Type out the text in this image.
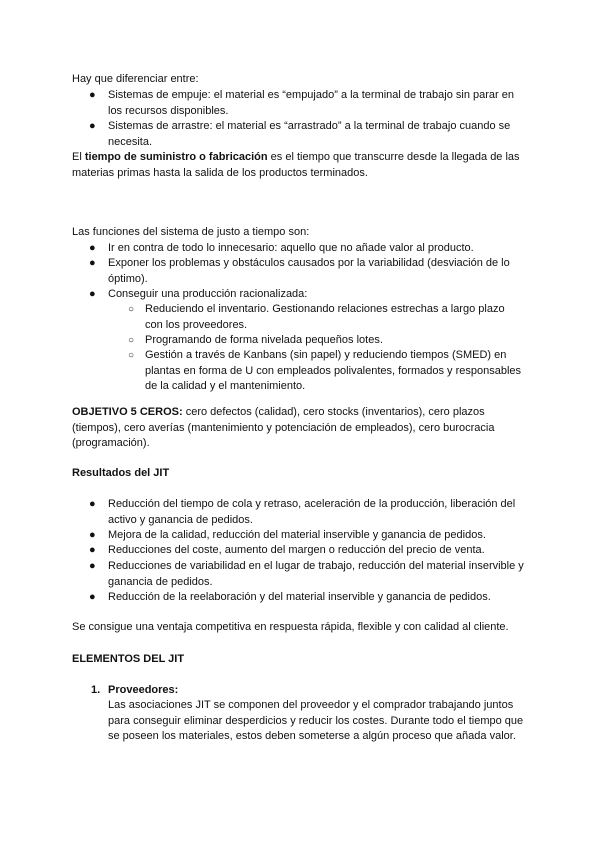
Hay que diferenciar entre:

●	Sistemas de empuje: el material es “empujado” a la terminal de trabajo sin parar en los recursos disponibles.

●	Sistemas de arrastre: el material es “arrastrado” a la terminal de trabajo cuando se necesita.

El tiempo de suministro o fabricación es el tiempo que transcurre desde la llegada de las materias primas hasta la salida de los productos terminados.

Las funciones del sistema de justo a tiempo son:

●	Ir en contra de todo lo innecesario: aquello que no añade valor al producto.

●	Exponer los problemas y obstáculos causados por la variabilidad (desviación de lo óptimo).

●	Conseguir una producción racionalizada:

○ Reduciendo el inventario. Gestionando relaciones estrechas a largo plazo con los proveedores.

○ Programando de forma nivelada pequeños lotes.

○ Gestión a través de Kanbans (sin papel) y reduciendo tiempos (SMED) en plantas en forma de U con empleados polivalentes, formados y responsables de la calidad y el mantenimiento.

OBJETIVO 5 CEROS: cero defectos (calidad), cero stocks (inventarios), cero plazos (tiempos), cero averías (mantenimiento y potenciación de empleados), cero burocracia (programación).

Resultados del JIT

●	Reducción del tiempo de cola y retraso, aceleración de la producción, liberación del activo y ganancia de pedidos.

●	Mejora de la calidad, reducción del material inservible y ganancia de pedidos.

●	Reducciones del coste, aumento del margen o reducción del precio de venta.

●	Reducciones de variabilidad en el lugar de trabajo, reducción del material inservible y ganancia de pedidos.

●	Reducción de la reelaboración y del material inservible y ganancia de pedidos.

Se consigue una ventaja competitiva en respuesta rápida, flexible y con calidad al cliente.

ELEMENTOS DEL JIT

1. Proveedores:

Las asociaciones JIT se componen del proveedor y el comprador trabajando juntos para conseguir eliminar desperdicios y reducir los costes. Durante todo el tiempo que se poseen los materiales, estos deben someterse a algún proceso que añada valor.
